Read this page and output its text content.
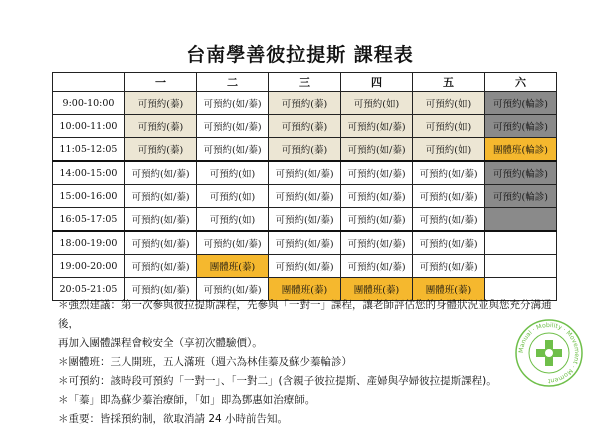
台南學善彼拉提斯 課程表
	一	二	三	四	五	六
9:00-10:00	可預約(蓁)	可預約(如/蓁)	可預約(蓁)	可預約(如)	可預約(如)	可預約(輪診)
10:00-11:00	可預約(蓁)	可預約(如/蓁)	可預約(蓁)	可預約(如/蓁)	可預約(如)	可預約(輪診)
11:05-12:05	可預約(蓁)	可預約(如/蓁)	可預約(蓁)	可預約(如/蓁)	可預約(如)	團體班(輪診)
14:00-15:00	可預約(如/蓁)	可預約(如)	可預約(如/蓁)	可預約(如/蓁)	可預約(如/蓁)	可預約(輪診)
15:00-16:00	可預約(如/蓁)	可預約(如)	可預約(如/蓁)	可預約(如/蓁)	可預約(如/蓁)	可預約(輪診)
16:05-17:05	可預約(如/蓁)	可預約(如)	可預約(如/蓁)	可預約(如/蓁)	可預約(如/蓁)	
18:00-19:00	可預約(如/蓁)	可預約(如/蓁)	可預約(如/蓁)	可預約(如/蓁)	可預約(如/蓁)	
19:00-20:00	可預約(如/蓁)	團體班(蓁)	可預約(如/蓁)	可預約(如/蓁)	可預約(如/蓁)	
20:05-21:05	可預約(如/蓁)	可預約(如/蓁)	團體班(蓁)	團體班(蓁)	團體班(蓁)	

＊強烈建議：第一次參與彼拉提斯課程，先參與「一對一」課程，讓老師評估您的身體狀況並與您充分溝通後，

再加入團體課程會較安全（享初次體驗價）。

＊團體班：三人開班，五人滿班（週六為林佳蓁及蘇少蓁輪診）

＊可預約：該時段可預約「一對一」、「一對二」(含親子彼拉提斯、產婦與孕婦彼拉提斯課程)。

＊「蓁」即為蘇少蓁治療師，「如」即為鄧惠如治療師。

＊重要：皆採預約制，欲取消請 24 小時前告知。

Manual · Mobility · Movement · Moment
